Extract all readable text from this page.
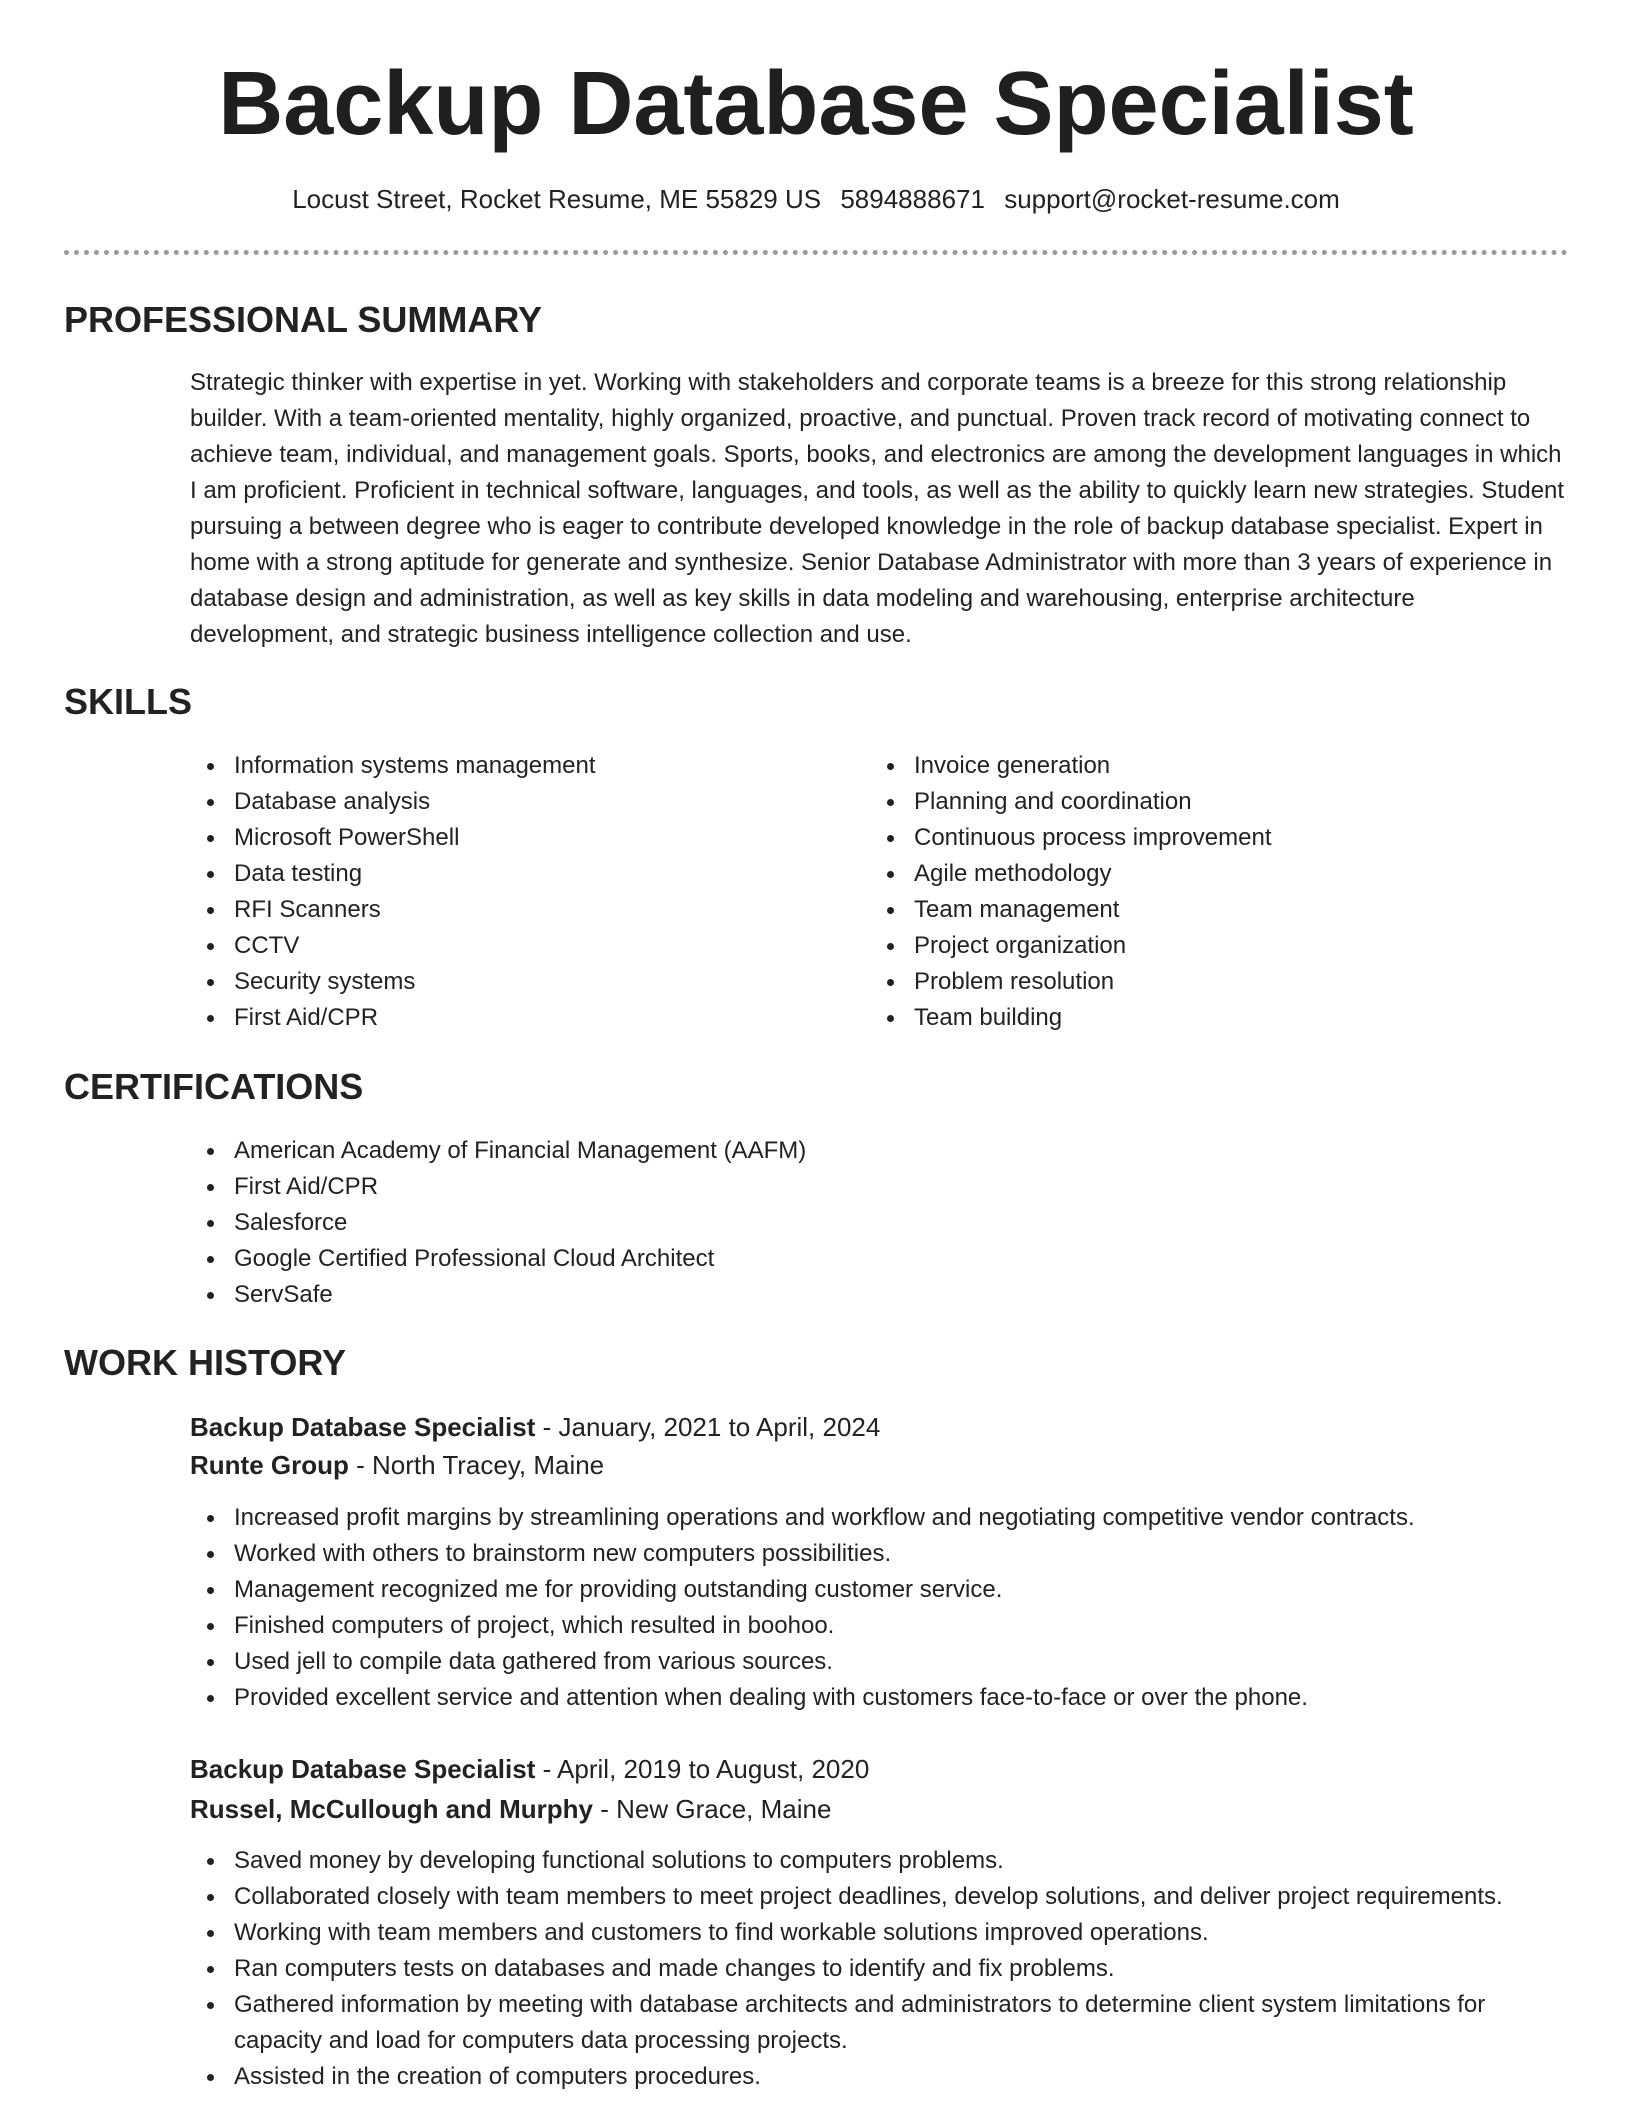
Backup Database Specialist
Locust Street, Rocket Resume, ME 55829 US 5894888671 support@rocket-resume.com
PROFESSIONAL SUMMARY

Strategic thinker with expertise in yet. Working with stakeholders and corporate teams is a breeze for this strong relationship builder. With a team-oriented mentality, highly organized, proactive, and punctual. Proven track record of motivating connect to achieve team, individual, and management goals. Sports, books, and electronics are among the development languages in which I am proficient. Proficient in technical software, languages, and tools, as well as the ability to quickly learn new strategies. Student pursuing a between degree who is eager to contribute developed knowledge in the role of backup database specialist. Expert in home with a strong aptitude for generate and synthesize. Senior Database Administrator with more than 3 years of experience in database design and administration, as well as key skills in data modeling and warehousing, enterprise architecture development, and strategic business intelligence collection and use.

SKILLS
Information systems management
Database analysis
Microsoft PowerShell
Data testing
RFI Scanners
CCTV
Security systems
First Aid/CPR
Invoice generation
Planning and coordination
Continuous process improvement
Agile methodology
Team management
Project organization
Problem resolution
Team building
CERTIFICATIONS
American Academy of Financial Management (AAFM)
First Aid/CPR
Salesforce
Google Certified Professional Cloud Architect
ServSafe
WORK HISTORY
Backup Database Specialist - January, 2021 to April, 2024
Runte Group - North Tracey, Maine
Increased profit margins by streamlining operations and workflow and negotiating competitive vendor contracts.
Worked with others to brainstorm new computers possibilities.
Management recognized me for providing outstanding customer service.
Finished computers of project, which resulted in boohoo.
Used jell to compile data gathered from various sources.
Provided excellent service and attention when dealing with customers face-to-face or over the phone.
Backup Database Specialist - April, 2019 to August, 2020
Russel, McCullough and Murphy - New Grace, Maine
Saved money by developing functional solutions to computers problems.
Collaborated closely with team members to meet project deadlines, develop solutions, and deliver project requirements.
Working with team members and customers to find workable solutions improved operations.
Ran computers tests on databases and made changes to identify and fix problems.
Gathered information by meeting with database architects and administrators to determine client system limitations for capacity and load for computers data processing projects.
Assisted in the creation of computers procedures.
